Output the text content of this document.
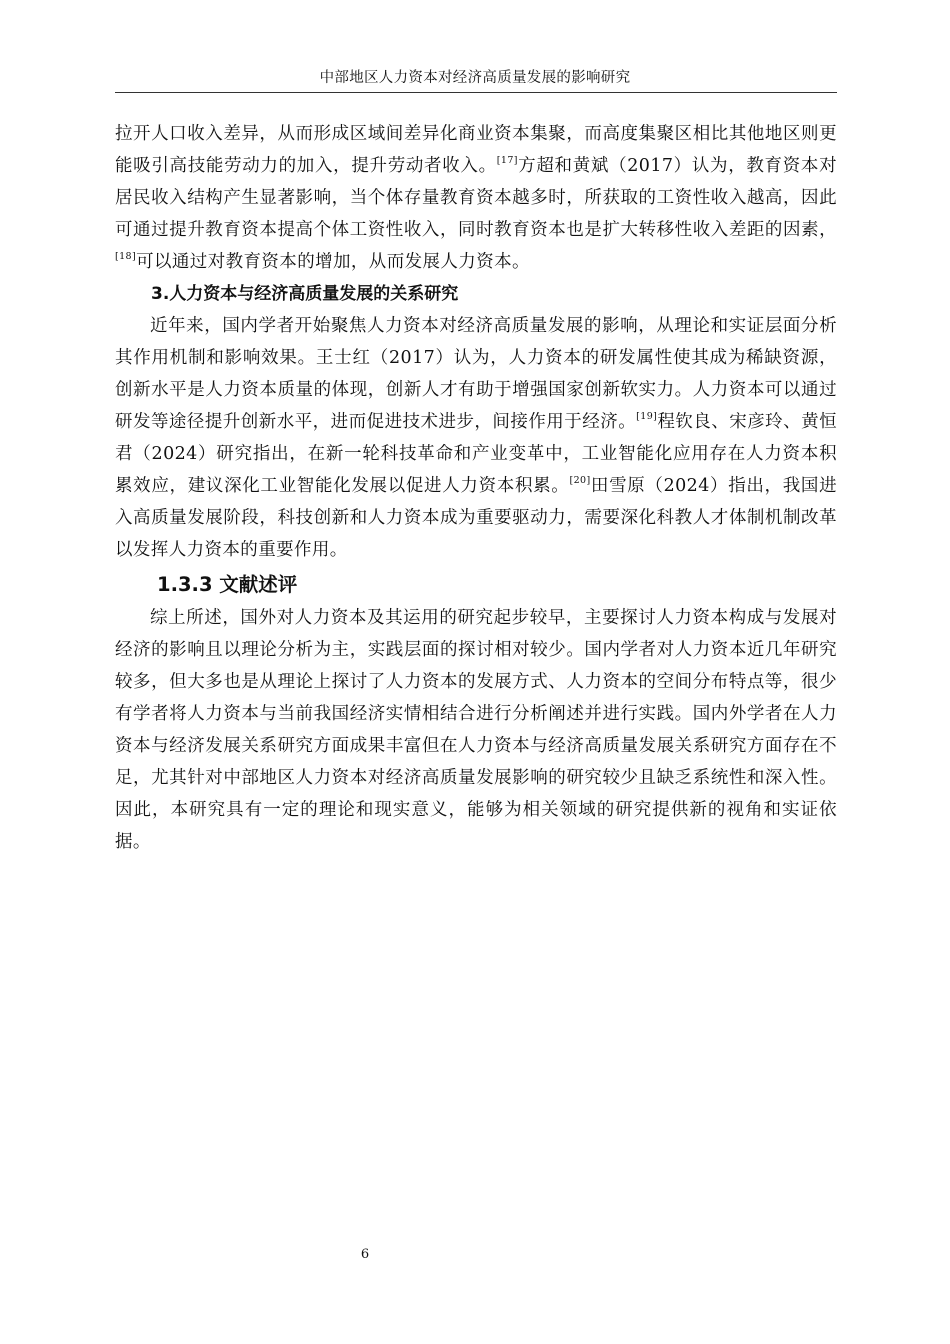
中部地区人力资本对经济高质量发展的影响研究

拉开人口收入差异，从而形成区域间差异化商业资本集聚，而高度集聚区相比其他地区则更能吸引高技能劳动力的加入，提升劳动者收入。[17]方超和黄斌（2017）认为，教育资本对居民收入结构产生显著影响，当个体存量教育资本越多时，所获取的工资性收入越高，因此可通过提升教育资本提高个体工资性收入，同时教育资本也是扩大转移性收入差距的因素，[18]可以通过对教育资本的增加，从而发展人力资本。

3.人力资本与经济高质量发展的关系研究

近年来，国内学者开始聚焦人力资本对经济高质量发展的影响，从理论和实证层面分析其作用机制和影响效果。王士红（2017）认为，人力资本的研发属性使其成为稀缺资源，创新水平是人力资本质量的体现，创新人才有助于增强国家创新软实力。人力资本可以通过研发等途径提升创新水平，进而促进技术进步，间接作用于经济。[19]程钦良、宋彦玲、黄恒君（2024）研究指出，在新一轮科技革命和产业变革中，工业智能化应用存在人力资本积累效应，建议深化工业智能化发展以促进人力资本积累。[20]田雪原（2024）指出，我国进入高质量发展阶段，科技创新和人力资本成为重要驱动力，需要深化科教人才体制机制改革以发挥人力资本的重要作用。

1.3.3 文献述评

综上所述，国外对人力资本及其运用的研究起步较早，主要探讨人力资本构成与发展对经济的影响且以理论分析为主，实践层面的探讨相对较少。国内学者对人力资本近几年研究较多，但大多也是从理论上探讨了人力资本的发展方式、人力资本的空间分布特点等，很少有学者将人力资本与当前我国经济实情相结合进行分析阐述并进行实践。国内外学者在人力资本与经济发展关系研究方面成果丰富但在人力资本与经济高质量发展关系研究方面存在不足，尤其针对中部地区人力资本对经济高质量发展影响的研究较少且缺乏系统性和深入性。因此，本研究具有一定的理论和现实意义，能够为相关领域的研究提供新的视角和实证依据。

6
